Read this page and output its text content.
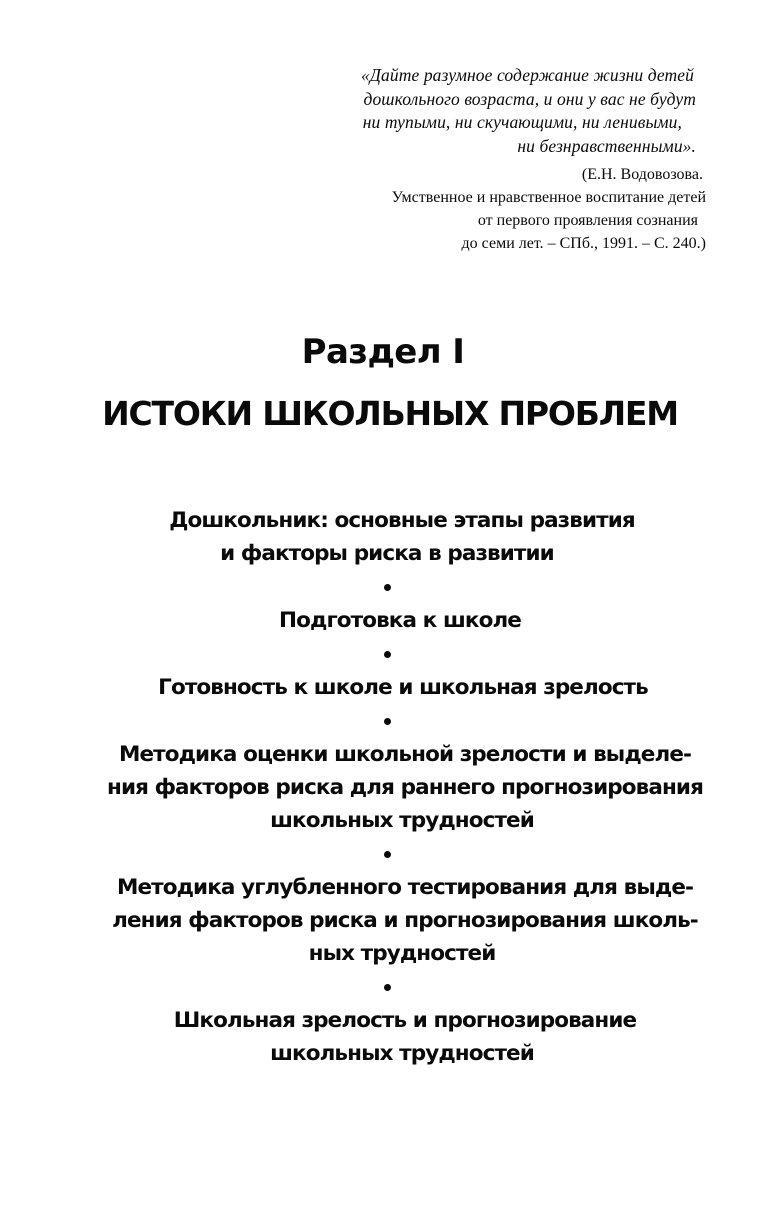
«Дайте разумное содержание жизни детей
дошкольного возраста, и они у вас не будут
ни тупыми, ни скучающими, ни ленивыми,
ни безнравственными».

(Е.Н. Водовозова.
Умственное и нравственное воспитание детей
от первого проявления сознания
до семи лет. – СПб., 1991. – С. 240.)
Раздел I
ИСТОКИ ШКОЛЬНЫХ ПРОБЛЕМ

Дошкольник: основные этапы развития
и факторы риска в развитии

Подготовка к школе

Готовность к школе и школьная зрелость

Методика оценки школьной зрелости и выделе-
ния факторов риска для раннего прогнозирования
школьных трудностей

Методика углубленного тестирования для выде-
ления факторов риска и прогнозирования школь-
ных трудностей

Школьная зрелость и прогнозирование
школьных трудностей
